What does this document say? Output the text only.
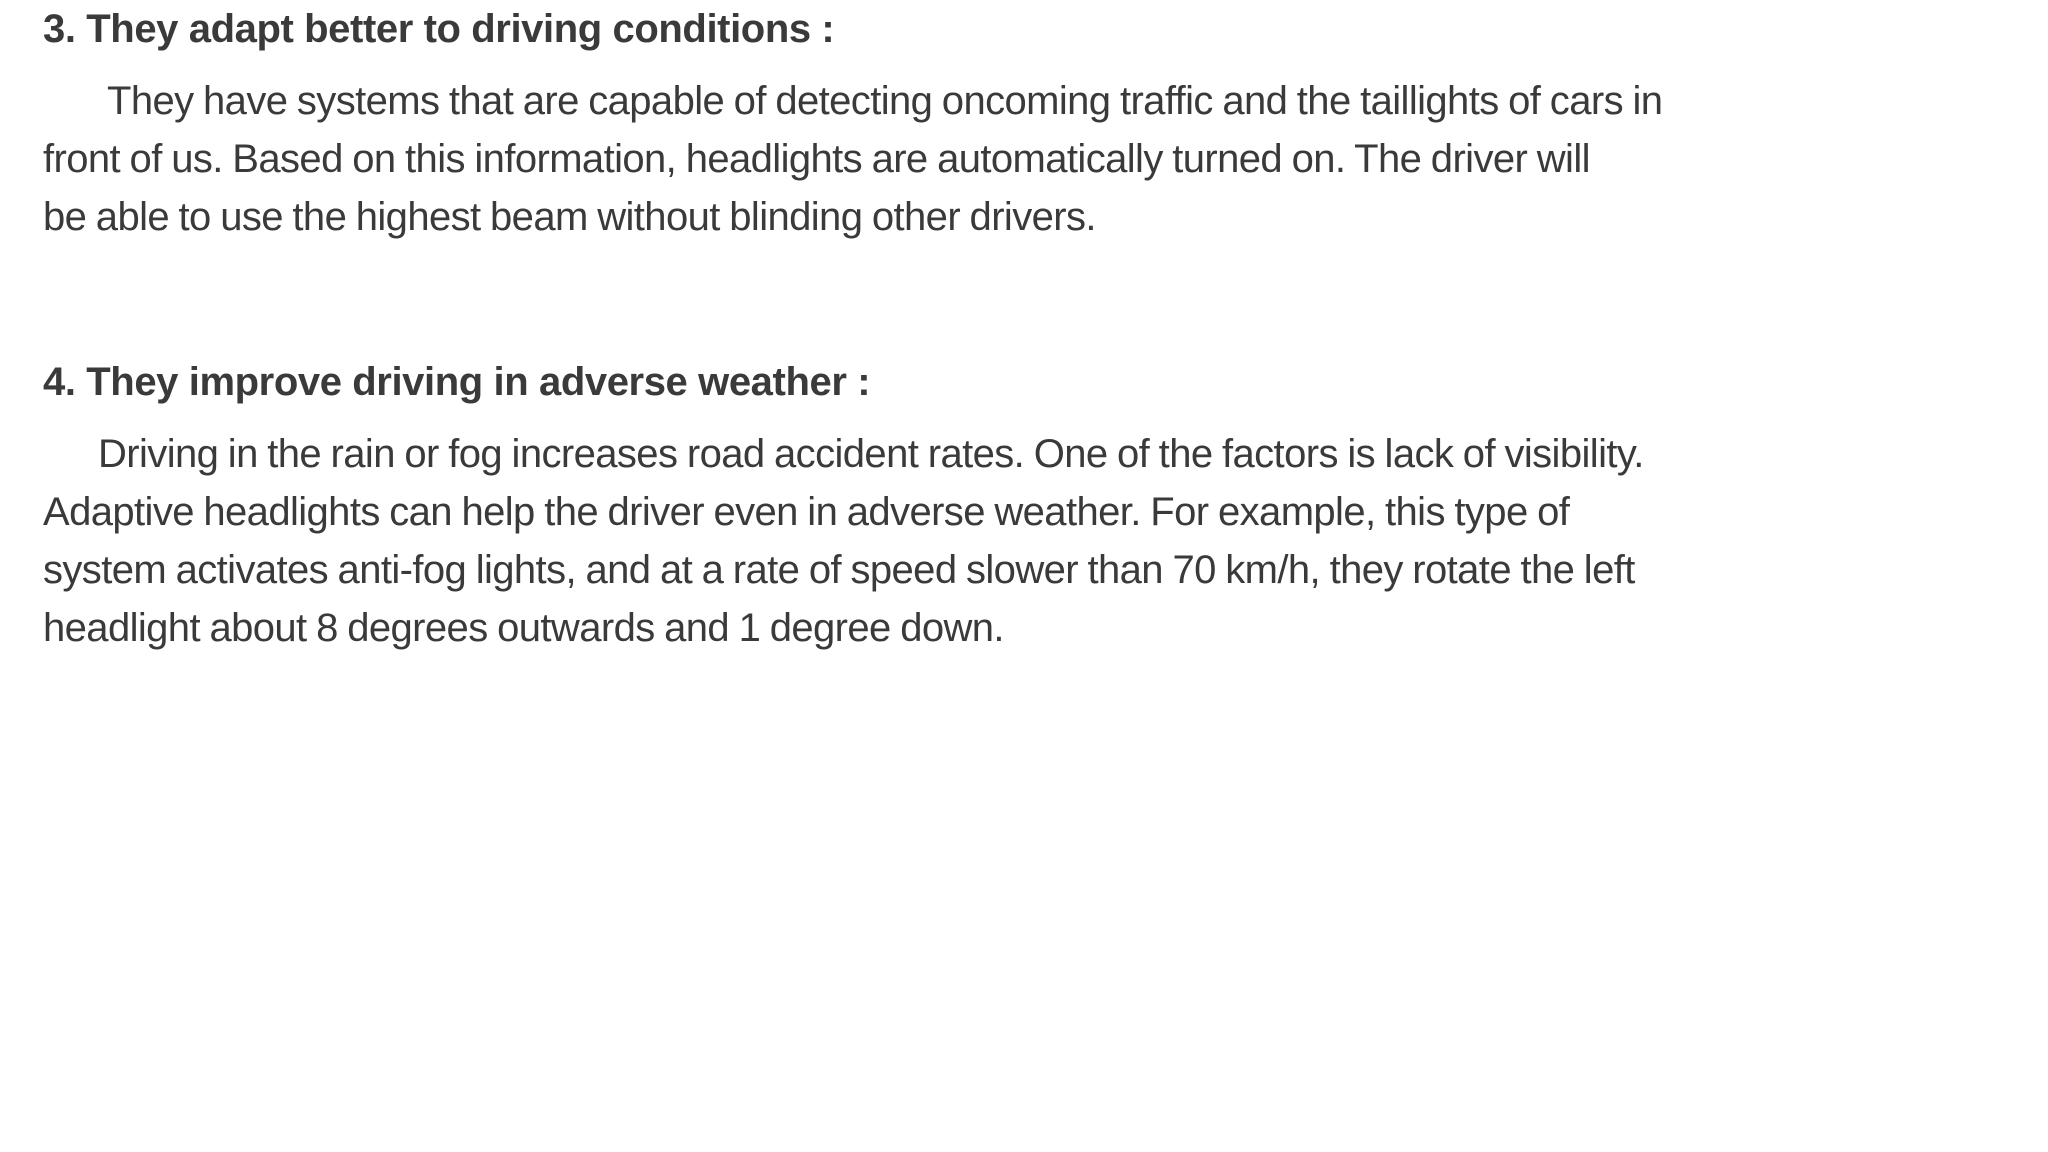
3. They adapt better to driving conditions :

They have systems that are capable of detecting oncoming traffic and the taillights of cars in
front of us. Based on this information, headlights are automatically turned on. The driver will
be able to use the highest beam without blinding other drivers.

4. They improve driving in adverse weather :

Driving in the rain or fog increases road accident rates. One of the factors is lack of visibility.
Adaptive headlights can help the driver even in adverse weather. For example, this type of
system activates anti-fog lights, and at a rate of speed slower than 70 km/h, they rotate the left
headlight about 8 degrees outwards and 1 degree down.
